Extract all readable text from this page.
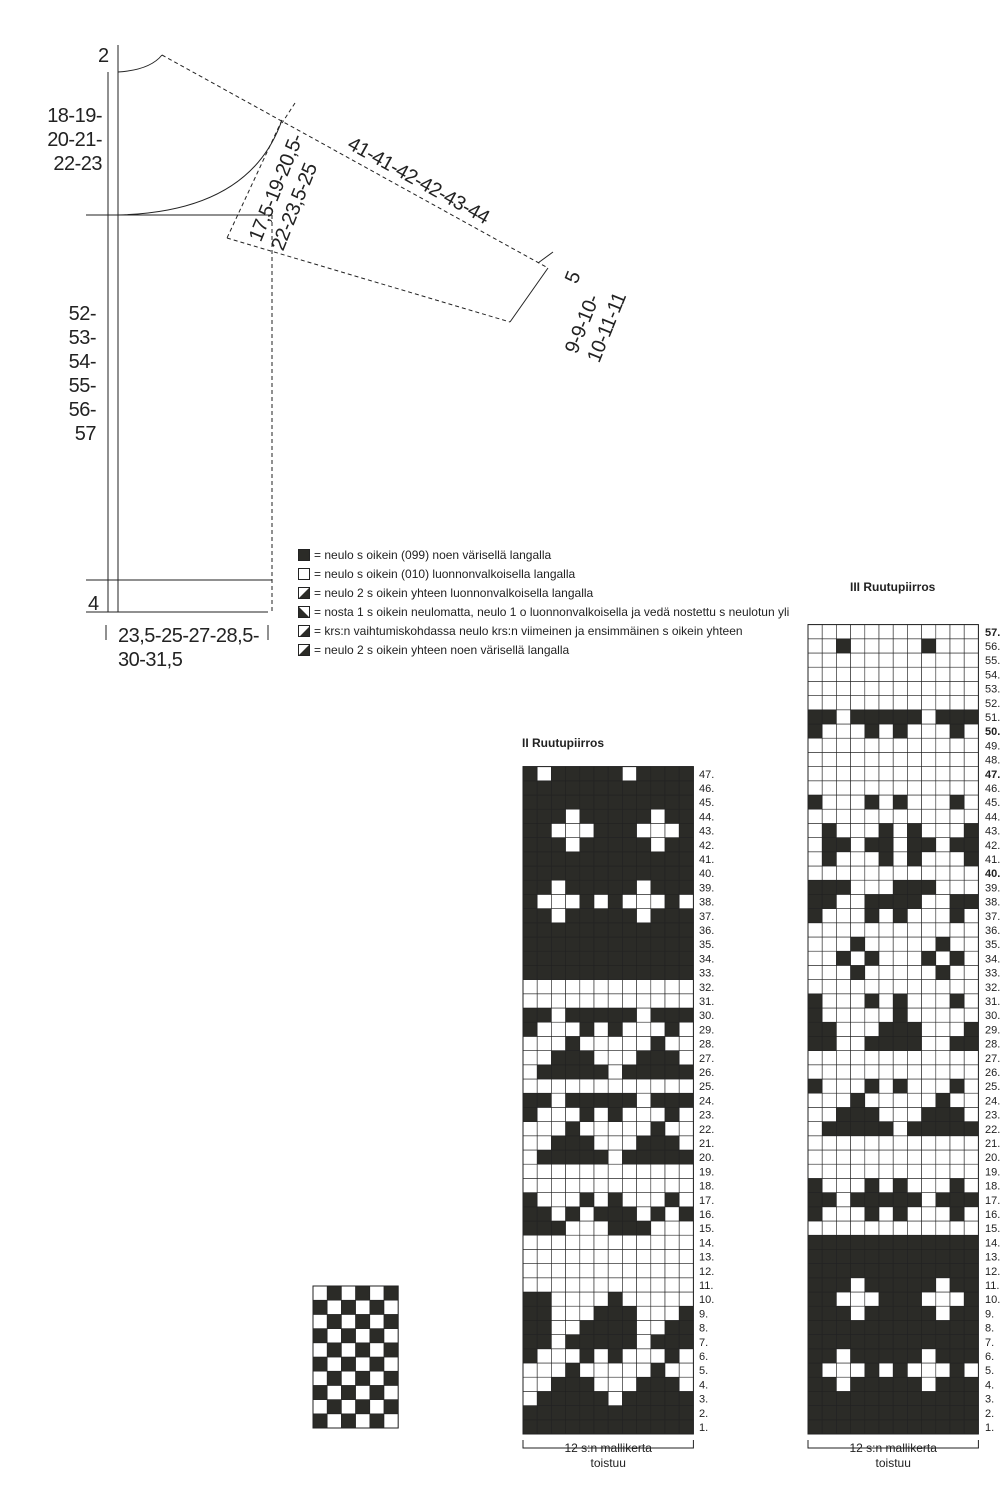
2
18-19-
20-21-
22-23
52-
53-
54-
55-
56-
57
4
23,5-25-27-28,5-
30-31,5
41-41-42-42-43-44
17,5-19-20,5-
22-23,5-25
5
9-9-10-
10-11-11
= neulo s oikein (099) noen värisellä langalla
= neulo s oikein (010) luonnonvalkoisella langalla
= neulo 2 s oikein yhteen luonnonvalkoisella langalla
= nosta 1 s oikein neulomatta, neulo 1 o luonnonvalkoisella ja vedä nostettu s neulotun yli
= krs:n vaihtumiskohdassa neulo krs:n viimeinen ja ensimmäinen s oikein yhteen
= neulo 2 s oikein yhteen noen värisellä langalla
II Ruutupiirros
III Ruutupiirros
1.
2.
3.
4.
5.
6.
7.
8.
9.
10.
11.
12.
13.
14.
15.
16.
17.
18.
19.
20.
21.
22.
23.
24.
25.
26.
27.
28.
29.
30.
31.
32.
33.
34.
35.
36.
37.
38.
39.
40.
41.
42.
43.
44.
45.
46.
47.
12 s:n mallikerta
toistuu
1.
2.
3.
4.
5.
6.
7.
8.
9.
10.
11.
12.
13.
14.
15.
16.
17.
18.
19.
20.
21.
22.
23.
24.
25.
26.
27.
28.
29.
30.
31.
32.
33.
34.
35.
36.
37.
38.
39.
40.
41.
42.
43.
44.
45.
46.
47.
48.
49.
50.
51.
52.
53.
54.
55.
56.
57.
12 s:n mallikerta
toistuu
